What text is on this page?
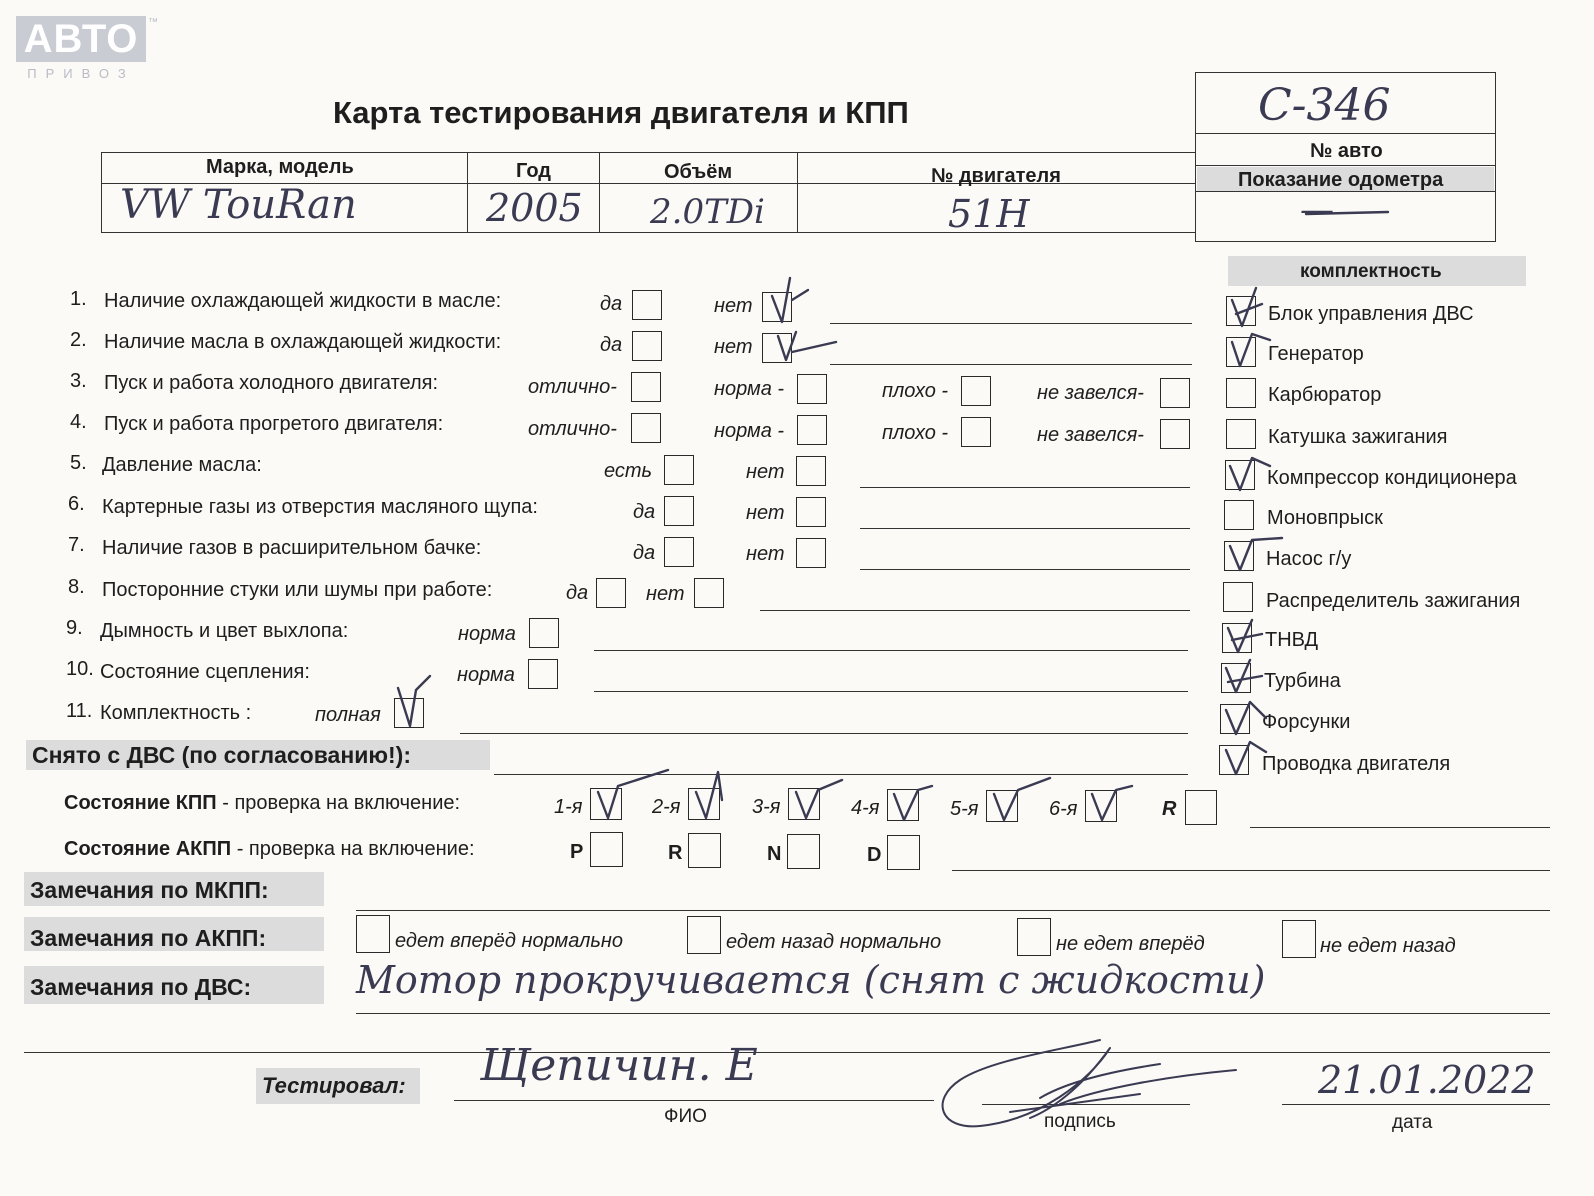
АВТО
ПРИВОЗ
™
Карта тестирования двигателя и КПП
Марка, модель	Год	Объём	№ двигателя
VW TouRan	2005 2.0TDi	51H
C-346
№ авто
Показание одометра
—
1. Наличие охлаждающей жидкости в масле:	да	нет
2. Наличие масла в охлаждающей жидкости:	да	нет
3. Пуск и работа холодного двигателя:	отлично-	норма -	плохо -	не завелся-
4. Пуск и работа прогретого двигателя:	отлично-	норма -	плохо -	не завелся-
5. Давление масла:	есть	нет
6. Картерные газы из отверстия масляного щупа:	да	нет
7. Наличие газов в расширительном бачке:	да	нет
8. Посторонние стуки или шумы при работе:	да	нет
9. Дымность и цвет выхлопа:	норма
10. Состояние сцепления:	норма
11. Комплектность :	полная
комплектность
Блок управления ДВС
Генератор
Карбюратор
Катушка зажигания
Компрессор кондиционера
Моновпрыск
Насос г/у
Распределитель зажигания
ТНВД
Турбина
Форсунки
Проводка двигателя
Снято с ДВС (по согласованию!):
Состояние КПП - проверка на включение:	1-я	2-я	3-я	4-я	5-я	6-я	R
Состояние АКПП - проверка на включение:	P	R	N	D
Замечания по МКПП:
Замечания по АКПП:	едет вперёд нормально	едет назад нормально	не едет вперёд	не едет назад
Замечания по ДВС:	Мотор прокручивается (снят с жидкости)
Тестировал: Щепичин. Е
ФИО	подпись
21.01.2022
дата
